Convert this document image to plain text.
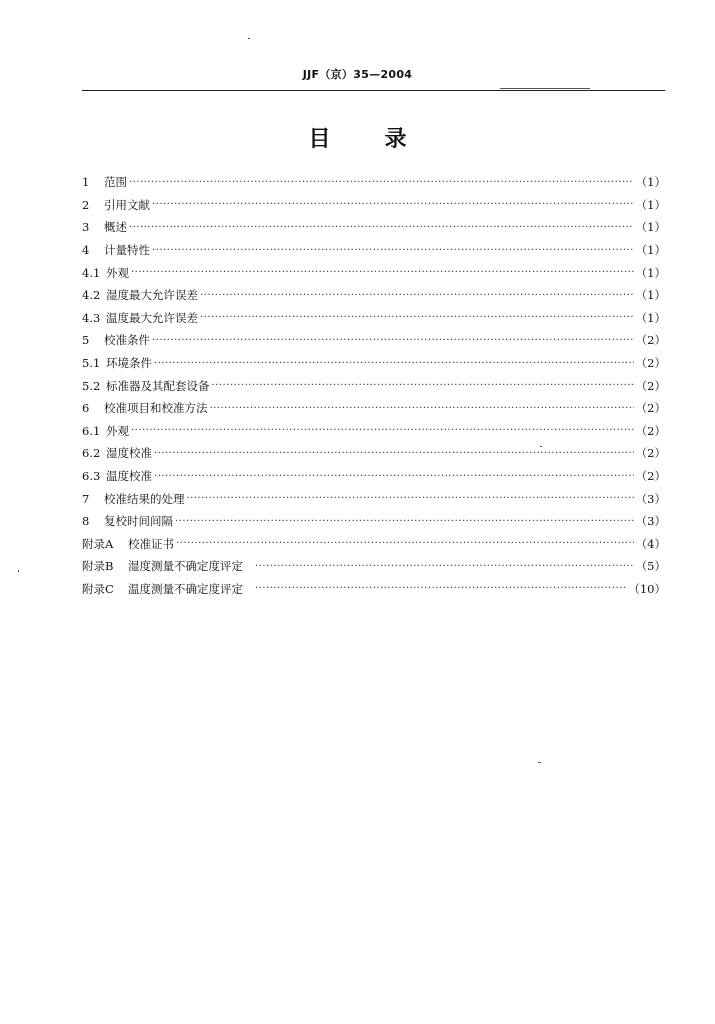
JJF（京）35—2004
目 录
1	范围 ·····	（1）
2	引用文献 ·····	（1）
3	概述 ·····	（1）
4	计量特性 ·····	（1）
4.1 外观 ·····	（1）
4.2 湿度最大允许误差 ·····	（1）
4.3 温度最大允许误差 ·····	（1）
5	校准条件 ·····	（2）
5.1 环境条件 ·····	（2）
5.2 标准器及其配套设备 ·····	（2）
6	校准项目和校准方法 ·····	（2）
6.1 外观 ·····	（2）
6.2 湿度校准 ·····	（2）
6.3 温度校准 ·····	（2）
7	校准结果的处理 ·····	（3）
8	复校时间间隔 ·····	（3）
附录A	校准证书 ·····	（4）
附录B	湿度测量不确定度评定 ·····	（5）
附录C	温度测量不确定度评定 ·····	（10）
